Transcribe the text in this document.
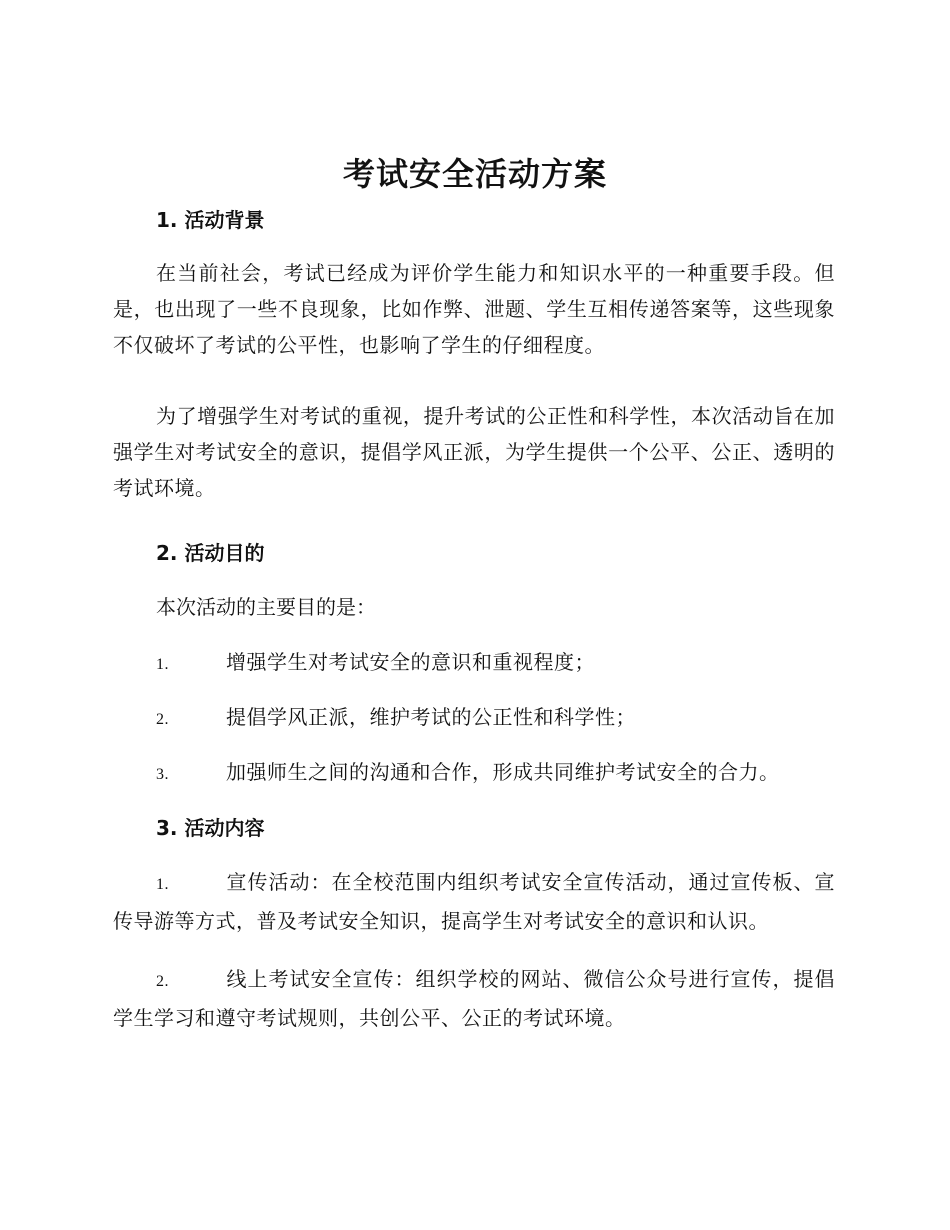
考试安全活动方案
1. 活动背景
在当前社会，考试已经成为评价学生能力和知识水平的一种重要手段。但是，也出现了一些不良现象，比如作弊、泄题、学生互相传递答案等，这些现象不仅破坏了考试的公平性，也影响了学生的仔细程度。
为了增强学生对考试的重视，提升考试的公正性和科学性，本次活动旨在加强学生对考试安全的意识，提倡学风正派，为学生提供一个公平、公正、透明的考试环境。
2. 活动目的
本次活动的主要目的是：
1.	增强学生对考试安全的意识和重视程度；
2.	提倡学风正派，维护考试的公正性和科学性；
3.	加强师生之间的沟通和合作，形成共同维护考试安全的合力。
3. 活动内容
1.	宣传活动：在全校范围内组织考试安全宣传活动，通过宣传板、宣传导游等方式，普及考试安全知识，提高学生对考试安全的意识和认识。
2.	线上考试安全宣传：组织学校的网站、微信公众号进行宣传，提倡学生学习和遵守考试规则，共创公平、公正的考试环境。
